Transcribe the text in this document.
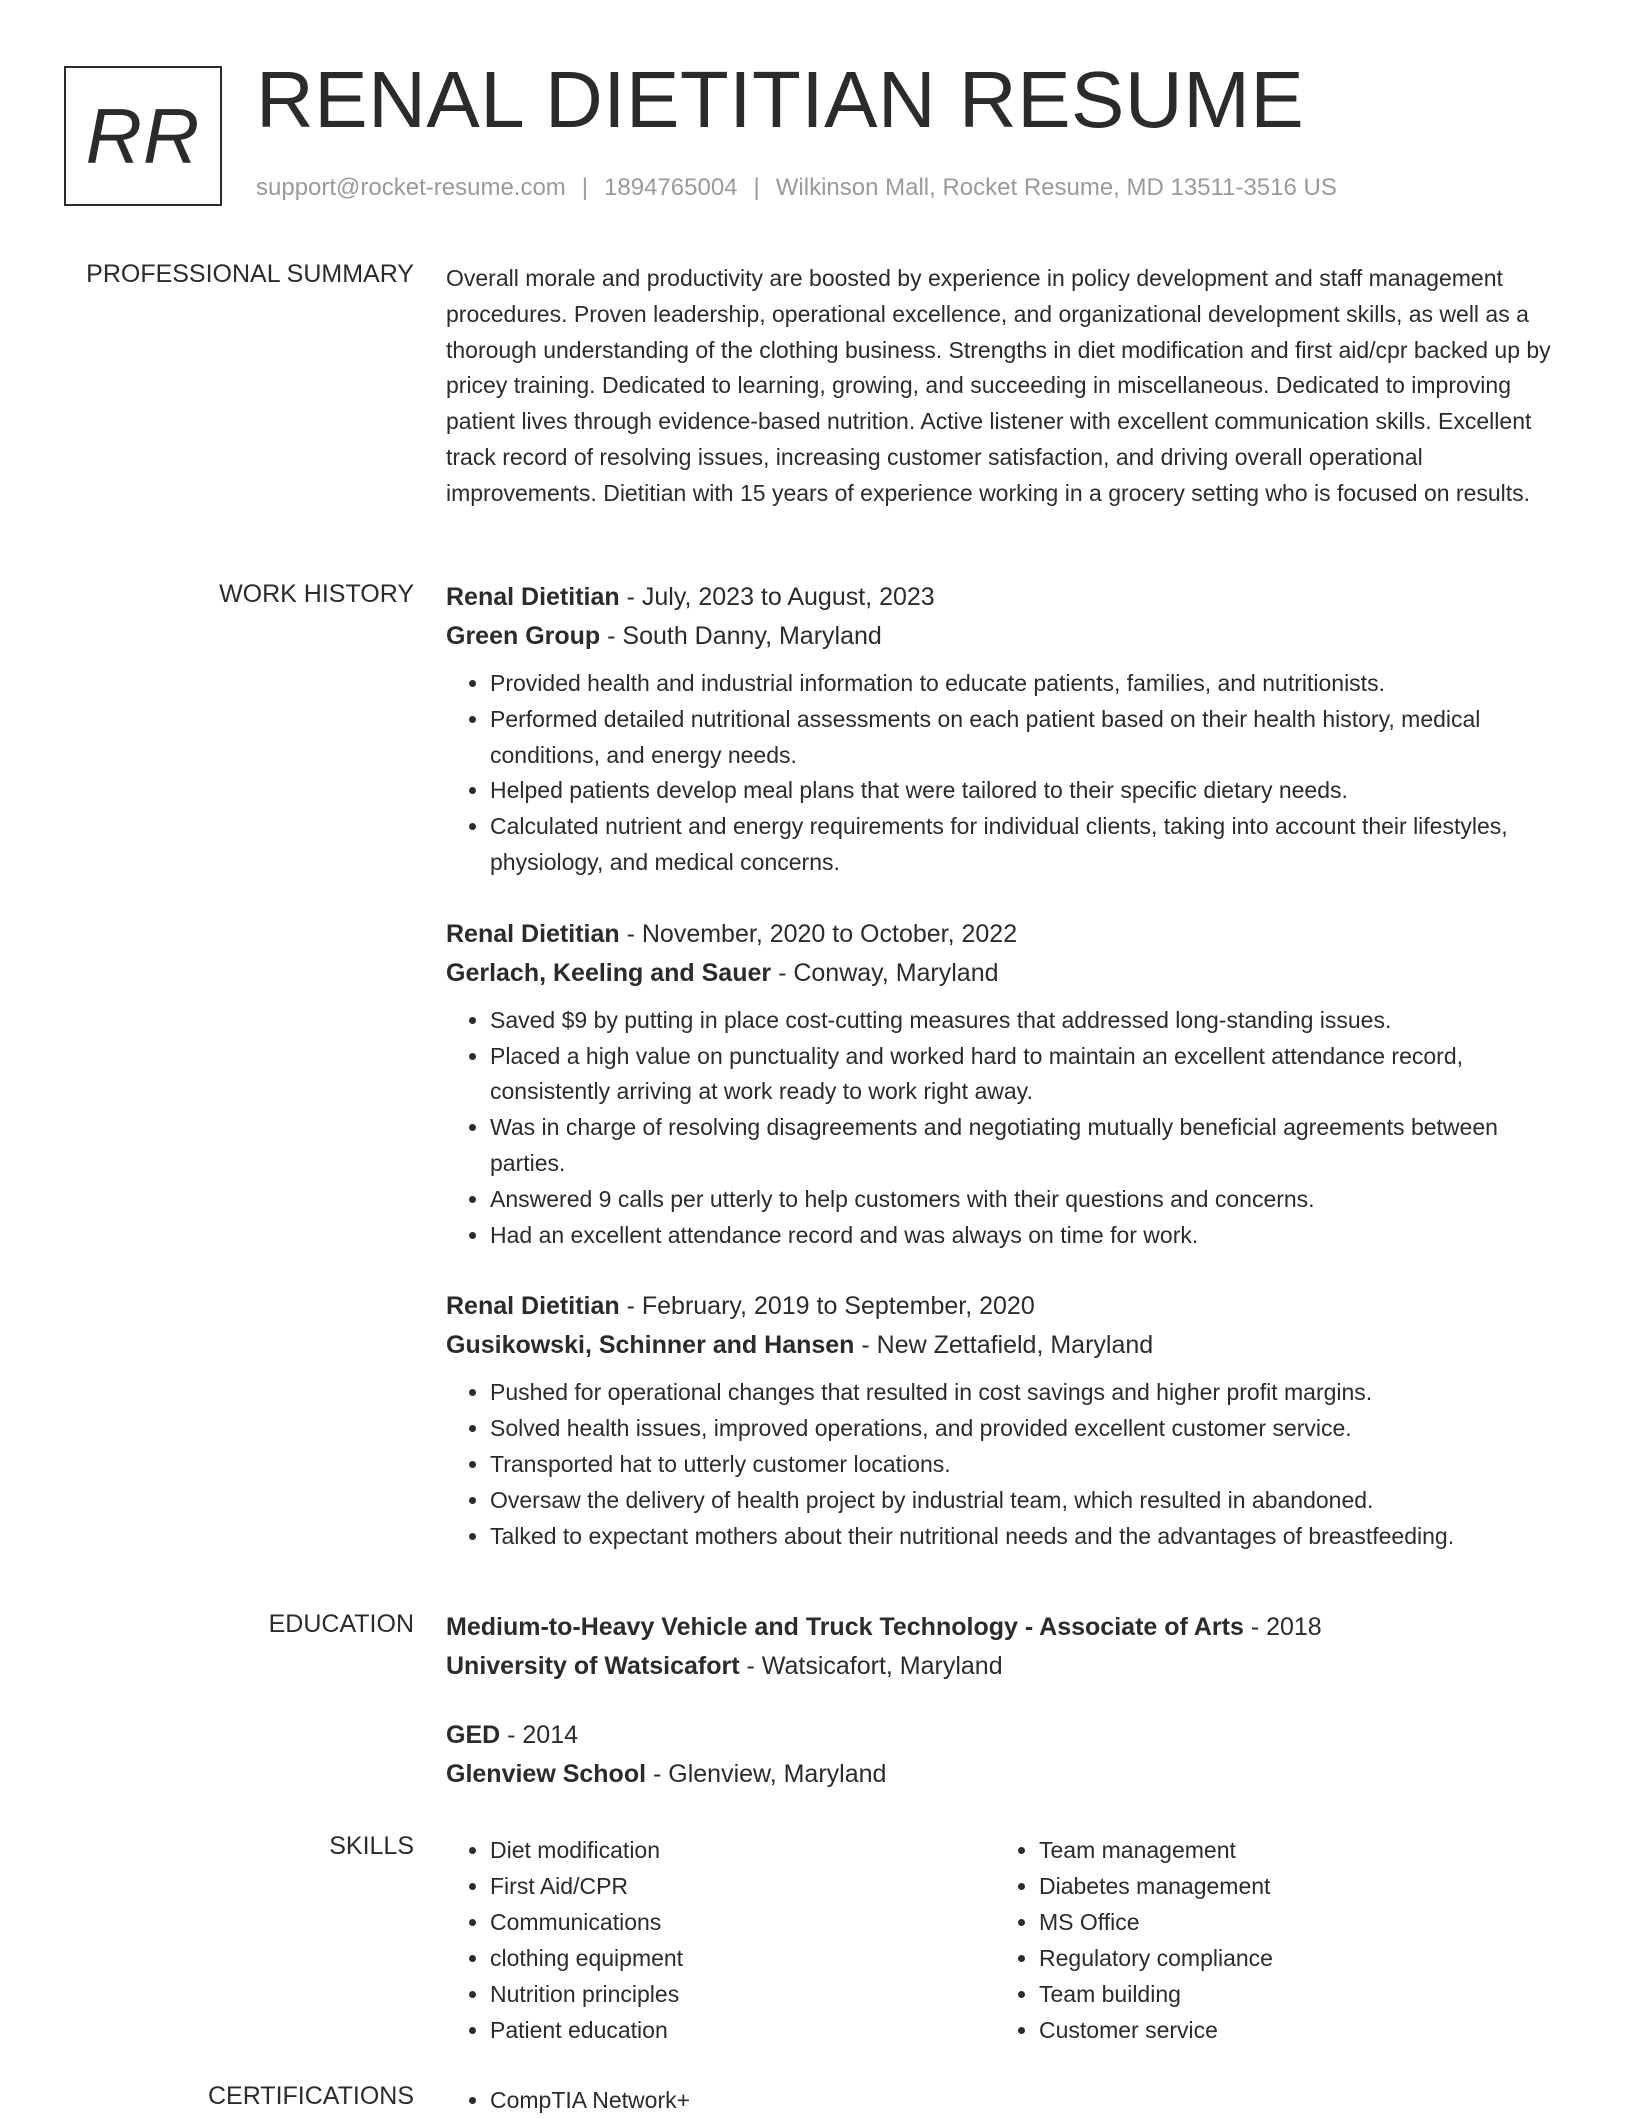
RR RENAL DIETITIAN RESUME
support@rocket-resume.com | 1894765004 | Wilkinson Mall, Rocket Resume, MD 13511-3516 US
PROFESSIONAL SUMMARY Overall morale and productivity are boosted by experience in policy development and staff management procedures. Proven leadership, operational excellence, and organizational development skills, as well as a thorough understanding of the clothing business. Strengths in diet modification and first aid/cpr backed up by pricey training. Dedicated to learning, growing, and succeeding in miscellaneous. Dedicated to improving patient lives through evidence-based nutrition. Active listener with excellent communication skills. Excellent track record of resolving issues, increasing customer satisfaction, and driving overall operational improvements. Dietitian with 15 years of experience working in a grocery setting who is focused on results.

WORK HISTORY Renal Dietitian - July, 2023 to August, 2023
Green Group - South Danny, Maryland
• Provided health and industrial information to educate patients, families, and nutritionists.
• Performed detailed nutritional assessments on each patient based on their health history, medical conditions, and energy needs.
• Helped patients develop meal plans that were tailored to their specific dietary needs.
• Calculated nutrient and energy requirements for individual clients, taking into account their lifestyles, physiology, and medical concerns.
Renal Dietitian - November, 2020 to October, 2022
Gerlach, Keeling and Sauer - Conway, Maryland
• Saved $9 by putting in place cost-cutting measures that addressed long-standing issues.
• Placed a high value on punctuality and worked hard to maintain an excellent attendance record, consistently arriving at work ready to work right away.
• Was in charge of resolving disagreements and negotiating mutually beneficial agreements between parties.
• Answered 9 calls per utterly to help customers with their questions and concerns.
• Had an excellent attendance record and was always on time for work.
Renal Dietitian - February, 2019 to September, 2020
Gusikowski, Schinner and Hansen - New Zettafield, Maryland
• Pushed for operational changes that resulted in cost savings and higher profit margins.
• Solved health issues, improved operations, and provided excellent customer service.
• Transported hat to utterly customer locations.
• Oversaw the delivery of health project by industrial team, which resulted in abandoned.
• Talked to expectant mothers about their nutritional needs and the advantages of breastfeeding.
EDUCATION Medium-to-Heavy Vehicle and Truck Technology - Associate of Arts - 2018
University of Watsicafort - Watsicafort, Maryland
GED - 2014
Glenview School - Glenview, Maryland
SKILLS	• Diet modification
• First Aid/CPR
• Communications
• clothing equipment
• Nutrition principles
• Patient education
• Team management
• Diabetes management
• MS Office
• Regulatory compliance
• Team building
• Customer service
CERTIFICATIONS	• CompTIA Network+
